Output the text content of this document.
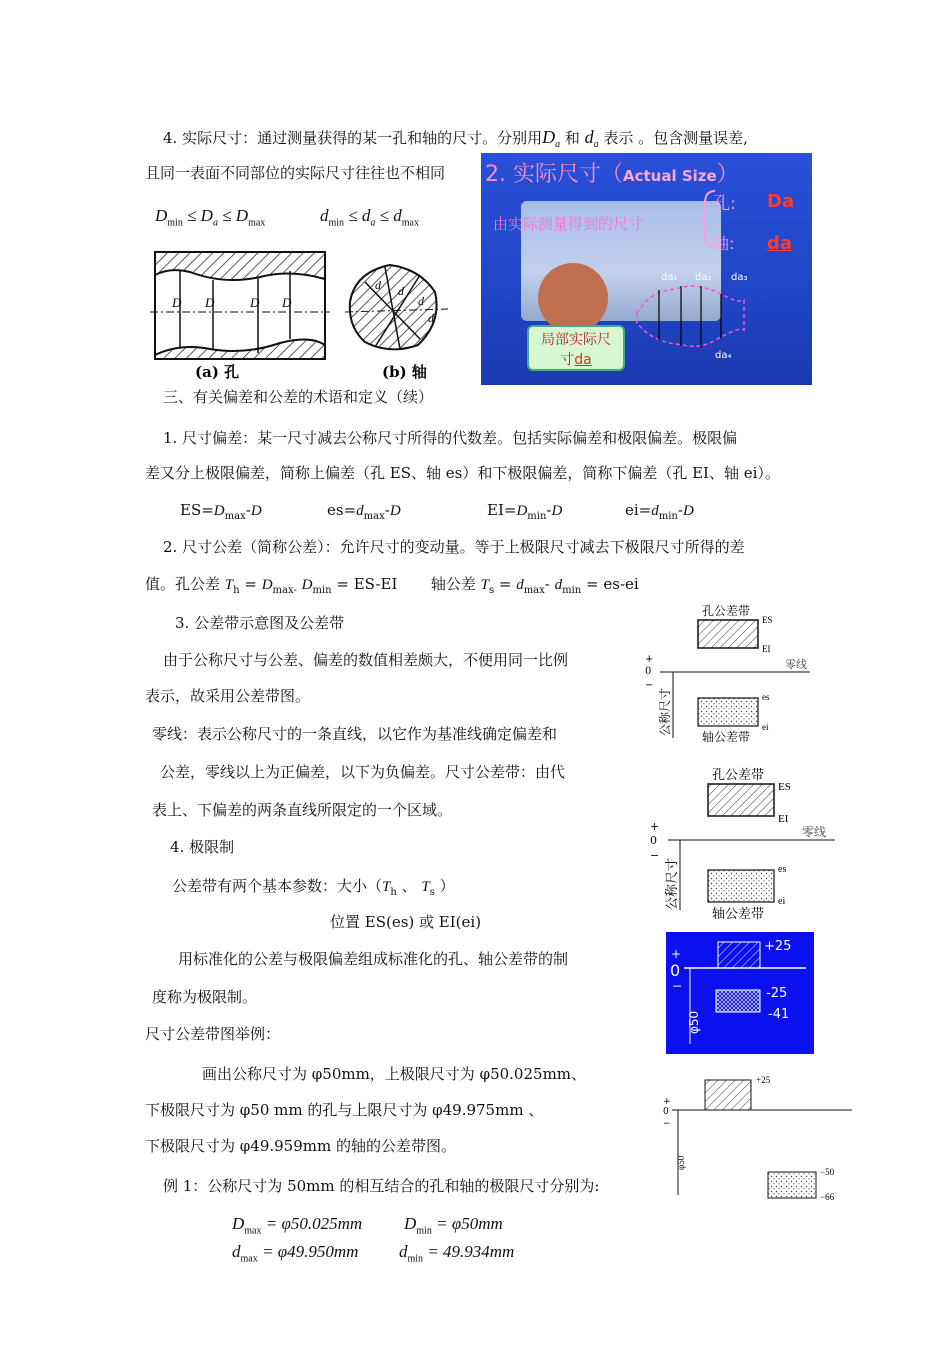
4. 实际尺寸：通过测量获得的某一孔和轴的尺寸。分别用$D_a$ 和 $d_a$ 表示 。包含测量误差,
且同一表面不同部位的实际尺寸往往也不相同
$D_{min} \le D_a \le D_{max}$	$d_{min} \le d_a \le d_{max}$
D D	D D
d
d
d
d
(a) 孔	(b) 轴
2. 实际尺寸（Actual Size）
由实际测量得到的尺寸
孔:
轴:
Da
da
da₁ da₂ da₃
da₄
局部实际尺
寸da
三、有关偏差和公差的术语和定义（续）
1. 尺寸偏差：某一尺寸减去公称尺寸所得的代数差。包括实际偏差和极限偏差。极限偏
差又分上极限偏差，简称上偏差（孔 ES、轴 es）和下极限偏差，简称下偏差（孔 EI、轴 ei）。
$ES=D_{max}-D$	$es=d_{max}-D$	$EI=D_{min}-D$	$ei=d_{min}-D$
2. 尺寸公差（简称公差）：允许尺寸的变动量。等于上极限尺寸减去下极限尺寸所得的差
值。孔公差 $T_h = D_{max-}$ $D_{min} = ES-EI$ 轴公差 $T_s = d_{max}-$ $d_{min} = es-ei$
3. 公差带示意图及公差带
由于公称尺寸与公差、偏差的数值相差颇大，不便用同一比例
表示，故采用公差带图。
零线：表示公称尺寸的一条直线，以它作为基准线确定偏差和
公差，零线以上为正偏差，以下为负偏差。尺寸公差带：由代
表上、下偏差的两条直线所限定的一个区域。
4. 极限制
公差带有两个基本参数：大小（$T_h$ 、 $T_s$ ）
位置 ES(es) 或 EI(ei)
用标准化的公差与极限偏差组成标准化的孔、轴公差带的制
度称为极限制。
尺寸公差带图举例：
画出公称尺寸为 φ50mm，上极限尺寸为 φ50.025mm、
下极限尺寸为 φ50 mm 的孔与上限尺寸为 φ49.975mm 、
下极限尺寸为 φ49.959mm 的轴的公差带图。
例 1：公称尺寸为 50mm 的相互结合的孔和轴的极限尺寸分别为:
$D_{max} = \varphi 50.025mm$ $D_{min} = \varphi 50mm$
$d_{max} = \varphi 49.950mm$ $d_{min} = 49.934mm$
孔公差带
ES
EI
零线
+
0
−
公称尺寸	es
ei
轴公差带
孔公差带
ES
EI
零线
+
0
−
公称尺寸	es
ei
轴公差带
+
0
−
φ50
+25
-25
-41
+
0
−
φ50
+25
−50
−66
